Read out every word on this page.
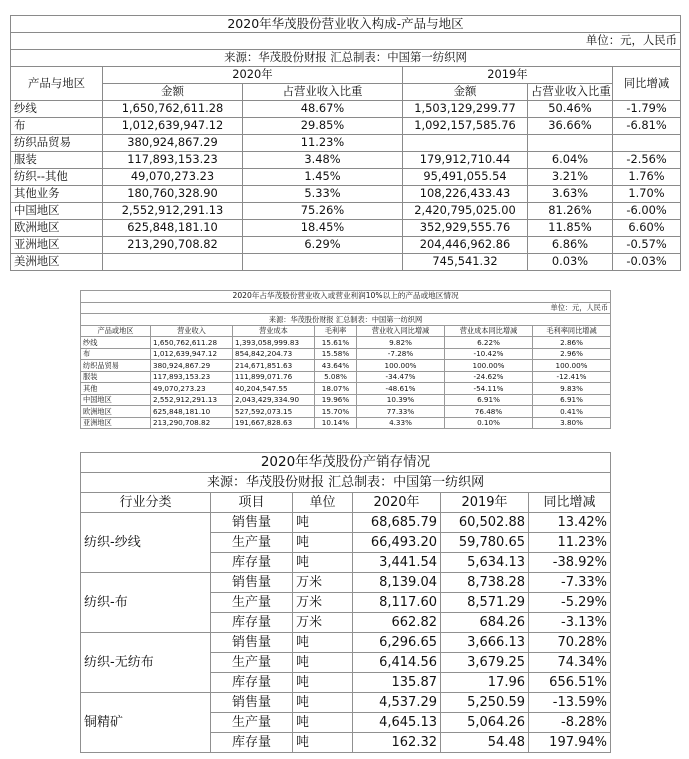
2020年华茂股份营业收入构成-产品与地区					
单位：元，人民币					
来源：华茂股份财报 汇总制表：中国第一纺织网					
产品与地区	2020年		2019年		同比增减
	金额	占营业收入比重	金额	占营业收入比重	
纱线	1,650,762,611.28	48.67%	1,503,129,299.77	50.46%	-1.79%
布	1,012,639,947.12	29.85%	1,092,157,585.76	36.66%	-6.81%
纺织品贸易	380,924,867.29	11.23%			
服装	117,893,153.23	3.48%	179,912,710.44	6.04%	-2.56%
纺织--其他	49,070,273.23	1.45%	95,491,055.54	3.21%	1.76%
其他业务	180,760,328.90	5.33%	108,226,433.43	3.63%	1.70%
中国地区	2,552,912,291.13	75.26%	2,420,795,025.00	81.26%	-6.00%
欧洲地区	625,848,181.10	18.45%	352,929,555.76	11.85%	6.60%
亚洲地区	213,290,708.82	6.29%	204,446,962.86	6.86%	-0.57%
美洲地区			745,541.32	0.03%	-0.03%
2020年占华茂股份营业收入或营业利润10%以上的产品或地区情况						
单位：元，人民币						
来源：华茂股份财报 汇总制表：中国第一纺织网						
产品或地区	营业收入	营业成本	毛利率	营业收入同比增减	营业成本同比增减	毛利率同比增减
纱线	1,650,762,611.28	1,393,058,999.83	15.61%	9.82%	6.22%	2.86%
布	1,012,639,947.12	854,842,204.73	15.58%	-7.28%	-10.42%	2.96%
纺织品贸易	380,924,867.29	214,671,851.63	43.64%	100.00%	100.00%	100.00%
服装	117,893,153.23	111,899,071.76	5.08%	-34.47%	-24.62%	-12.41%
其他	49,070,273.23	40,204,547.55	18.07%	-48.61%	-54.11%	9.83%
中国地区	2,552,912,291.13	2,043,429,334.90	19.96%	10.39%	6.91%	6.91%
欧洲地区	625,848,181.10	527,592,073.15	15.70%	77.33%	76.48%	0.41%
亚洲地区	213,290,708.82	191,667,828.63	10.14%	4.33%	0.10%	3.80%
2020年华茂股份产销存情况					
来源：华茂股份财报 汇总制表：中国第一纺织网					
行业分类	项目	单位	2020年	2019年	同比增减
纺织-纱线	销售量	吨	68,685.79	60,502.88	13.42%
	生产量	吨	66,493.20	59,780.65	11.23%
	库存量	吨	3,441.54	5,634.13	-38.92%
纺织-布	销售量	万米	8,139.04	8,738.28	-7.33%
	生产量	万米	8,117.60	8,571.29	-5.29%
	库存量	万米	662.82	684.26	-3.13%
纺织-无纺布	销售量	吨	6,296.65	3,666.13	70.28%
	生产量	吨	6,414.56	3,679.25	74.34%
	库存量	吨	135.87	17.96	656.51%
铜精矿	销售量	吨	4,537.29	5,250.59	-13.59%
	生产量	吨	4,645.13	5,064.26	-8.28%
	库存量	吨	162.32	54.48	197.94%
